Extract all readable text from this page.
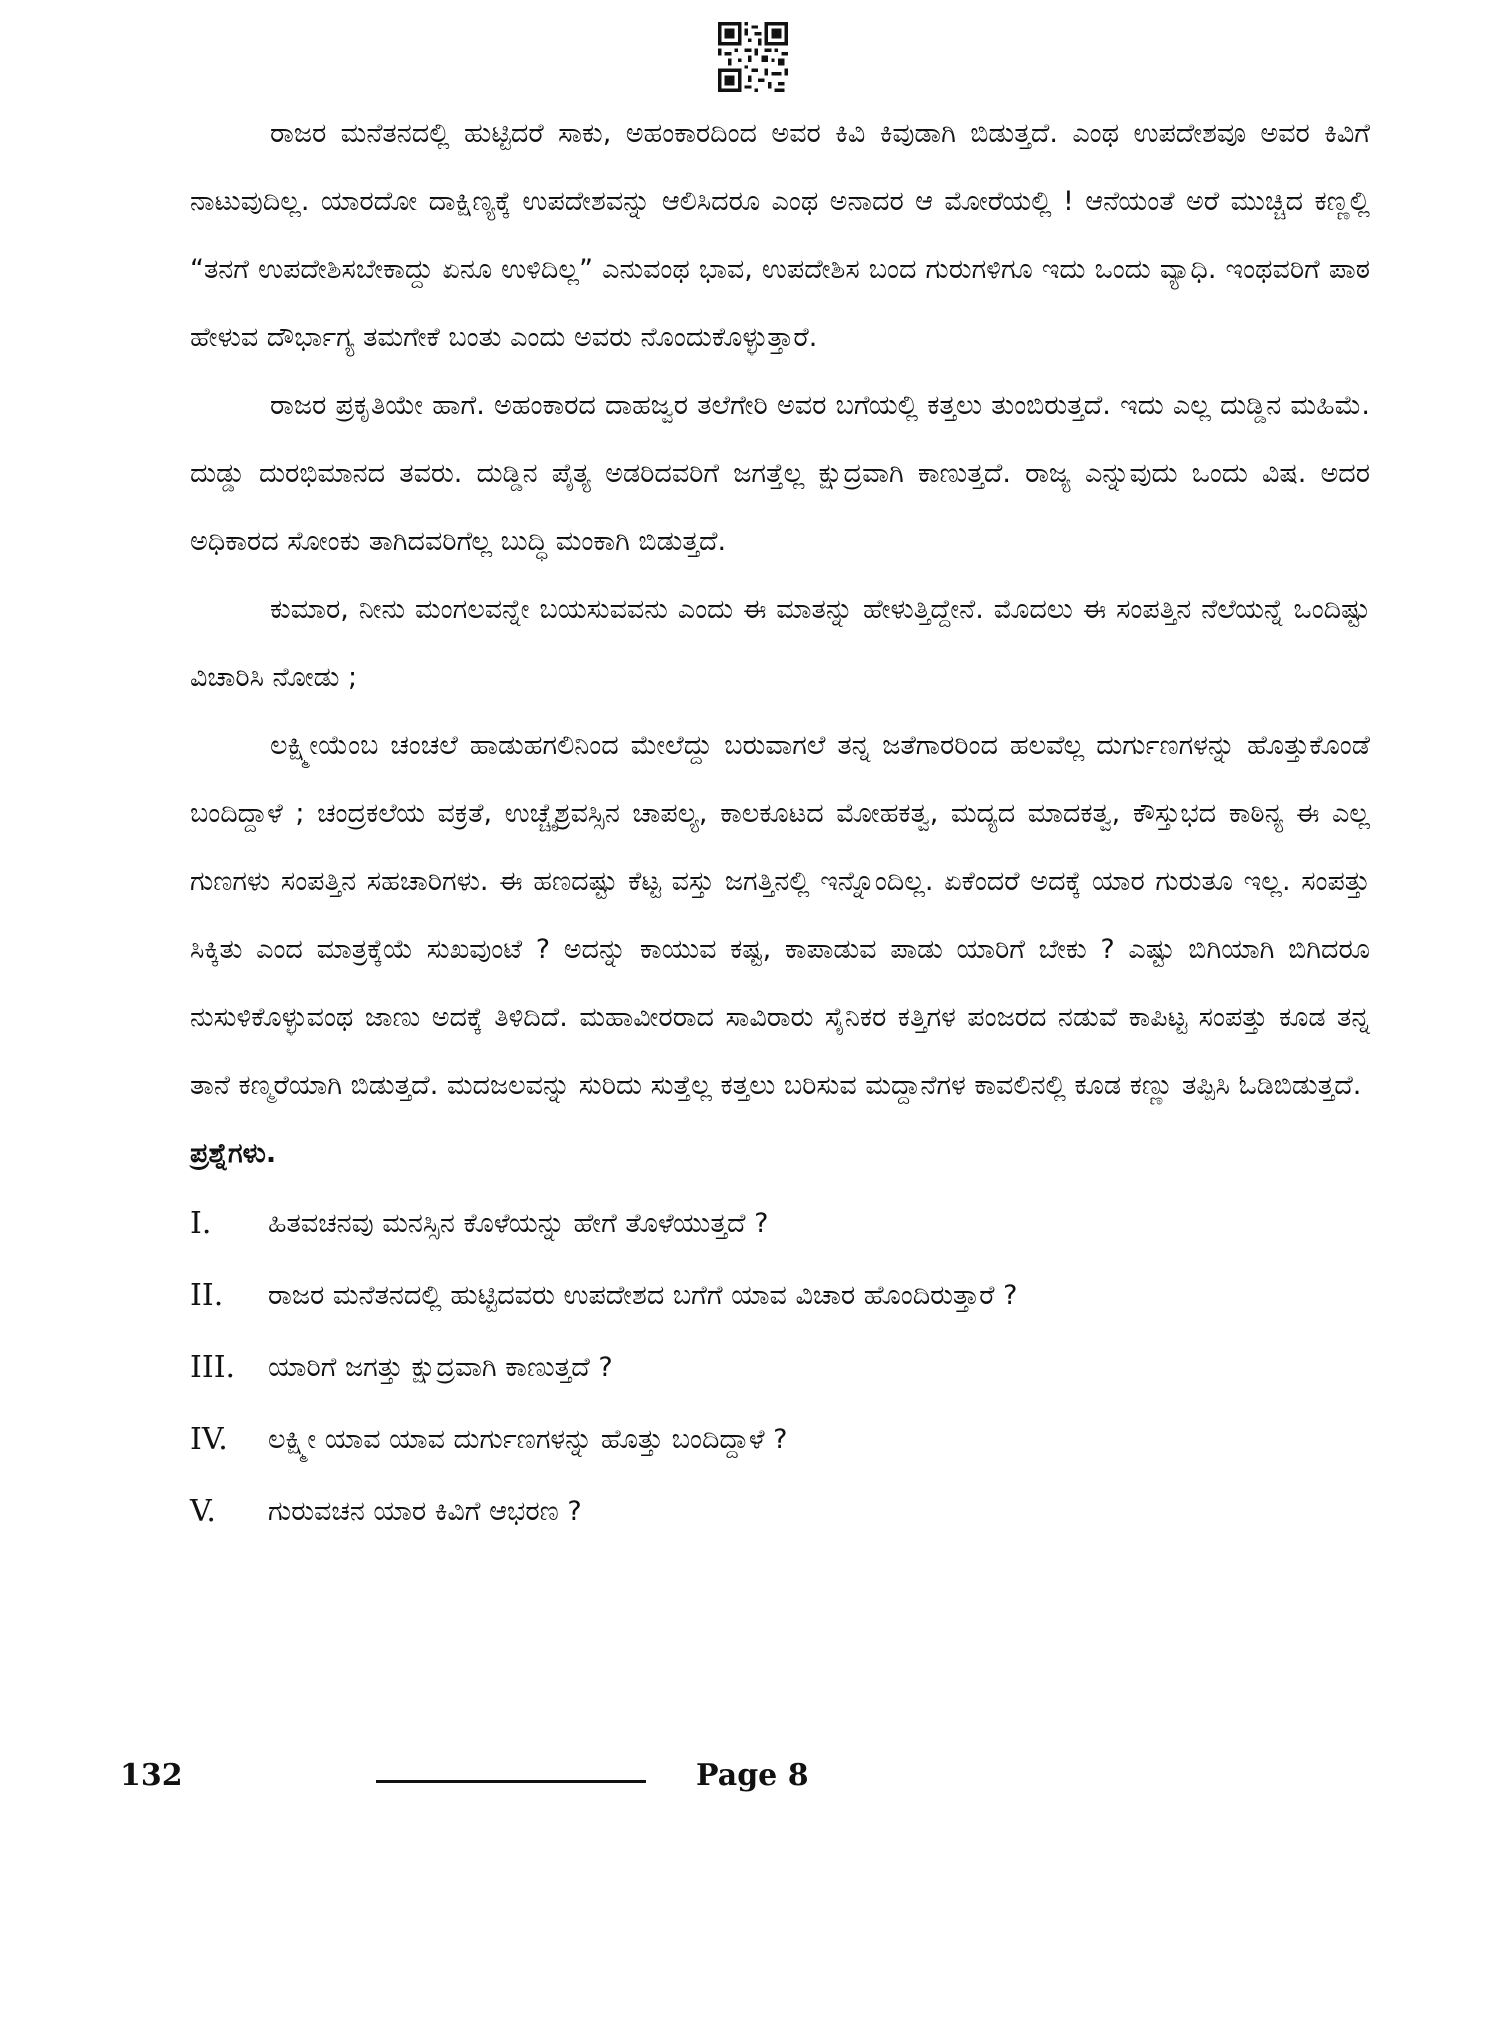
ರಾಜರ ಮನೆತನದಲ್ಲಿ ಹುಟ್ಟಿದರೆ ಸಾಕು, ಅಹಂಕಾರದಿಂದ ಅವರ ಕಿವಿ ಕಿವುಡಾಗಿ ಬಿಡುತ್ತದೆ. ಎಂಥ ಉಪದೇಶವೂ ಅವರ ಕಿವಿಗೆ ನಾಟುವುದಿಲ್ಲ. ಯಾರದೋ ದಾಕ್ಷಿಣ್ಯಕ್ಕೆ ಉಪದೇಶವನ್ನು ಆಲಿಸಿದರೂ ಎಂಥ ಅನಾದರ ಆ ಮೋರೆಯಲ್ಲಿ ! ಆನೆಯಂತೆ ಅರೆ ಮುಚ್ಚಿದ ಕಣ್ಣಲ್ಲಿ “ತನಗೆ ಉಪದೇಶಿಸಬೇಕಾದ್ದು ಏನೂ ಉಳಿದಿಲ್ಲ” ಎನುವಂಥ ಭಾವ, ಉಪದೇಶಿಸ ಬಂದ ಗುರುಗಳಿಗೂ ಇದು ಒಂದು ವ್ಯಾಧಿ. ಇಂಥವರಿಗೆ ಪಾಠ ಹೇಳುವ ದೌರ್ಭಾಗ್ಯ ತಮಗೇಕೆ ಬಂತು ಎಂದು ಅವರು ನೊಂದುಕೊಳ್ಳುತ್ತಾರೆ.

ರಾಜರ ಪ್ರಕೃತಿಯೇ ಹಾಗೆ. ಅಹಂಕಾರದ ದಾಹಜ್ವರ ತಲೆಗೇರಿ ಅವರ ಬಗೆಯಲ್ಲಿ ಕತ್ತಲು ತುಂಬಿರುತ್ತದೆ. ಇದು ಎಲ್ಲ ದುಡ್ಡಿನ ಮಹಿಮೆ. ದುಡ್ಡು ದುರಭಿಮಾನದ ತವರು. ದುಡ್ಡಿನ ಪೈತ್ಯ ಅಡರಿದವರಿಗೆ ಜಗತ್ತೆಲ್ಲ ಕ್ಷುದ್ರವಾಗಿ ಕಾಣುತ್ತದೆ. ರಾಜ್ಯ ಎನ್ನುವುದು ಒಂದು ವಿಷ. ಅದರ ಅಧಿಕಾರದ ಸೋಂಕು ತಾಗಿದವರಿಗೆಲ್ಲ ಬುದ್ಧಿ ಮಂಕಾಗಿ ಬಿಡುತ್ತದೆ.

ಕುಮಾರ, ನೀನು ಮಂಗಲವನ್ನೇ ಬಯಸುವವನು ಎಂದು ಈ ಮಾತನ್ನು ಹೇಳುತ್ತಿದ್ದೇನೆ. ಮೊದಲು ಈ ಸಂಪತ್ತಿನ ನೆಲೆಯನ್ನೆ ಒಂದಿಷ್ಟು ವಿಚಾರಿಸಿ ನೋಡು ;

ಲಕ್ಷ್ಮೀಯೆಂಬ ಚಂಚಲೆ ಹಾಡುಹಗಲಿನಿಂದ ಮೇಲೆದ್ದು ಬರುವಾಗಲೆ ತನ್ನ ಜತೆಗಾರರಿಂದ ಹಲವೆಲ್ಲ ದುರ್ಗುಣಗಳನ್ನು ಹೊತ್ತುಕೊಂಡೆ ಬಂದಿದ್ದಾಳೆ ; ಚಂದ್ರಕಲೆಯ ವಕ್ರತೆ, ಉಚ್ಚೈಶ್ರವಸ್ಸಿನ ಚಾಪಲ್ಯ, ಕಾಲಕೂಟದ ಮೋಹಕತ್ವ, ಮದ್ಯದ ಮಾದಕತ್ವ, ಕೌಸ್ತುಭದ ಕಾಠಿನ್ಯ ಈ ಎಲ್ಲ ಗುಣಗಳು ಸಂಪತ್ತಿನ ಸಹಚಾರಿಗಳು. ಈ ಹಣದಷ್ಟು ಕೆಟ್ಟ ವಸ್ತು ಜಗತ್ತಿನಲ್ಲಿ ಇನ್ನೊಂದಿಲ್ಲ. ಏಕೆಂದರೆ ಅದಕ್ಕೆ ಯಾರ ಗುರುತೂ ಇಲ್ಲ. ಸಂಪತ್ತು ಸಿಕ್ಕಿತು ಎಂದ ಮಾತ್ರಕ್ಕೆಯೆ ಸುಖವುಂಟೆ ? ಅದನ್ನು ಕಾಯುವ ಕಷ್ಟ, ಕಾಪಾಡುವ ಪಾಡು ಯಾರಿಗೆ ಬೇಕು ? ಎಷ್ಟು ಬಿಗಿಯಾಗಿ ಬಿಗಿದರೂ ನುಸುಳಿಕೊಳ್ಳುವಂಥ ಜಾಣು ಅದಕ್ಕೆ ತಿಳಿದಿದೆ. ಮಹಾವೀರರಾದ ಸಾವಿರಾರು ಸೈನಿಕರ ಕತ್ತಿಗಳ ಪಂಜರದ ನಡುವೆ ಕಾಪಿಟ್ಟ ಸಂಪತ್ತು ಕೂಡ ತನ್ನ ತಾನೆ ಕಣ್ಮರೆಯಾಗಿ ಬಿಡುತ್ತದೆ. ಮದಜಲವನ್ನು ಸುರಿದು ಸುತ್ತೆಲ್ಲ ಕತ್ತಲು ಬರಿಸುವ ಮದ್ದಾನೆಗಳ ಕಾವಲಿನಲ್ಲಿ ಕೂಡ ಕಣ್ಣು ತಪ್ಪಿಸಿ ಓಡಿಬಿಡುತ್ತದೆ.

ಪ್ರಶ್ನೆಗಳು.

I.	ಹಿತವಚನವು ಮನಸ್ಸಿನ ಕೊಳೆಯನ್ನು ಹೇಗೆ ತೊಳೆಯುತ್ತದೆ ?
II.	ರಾಜರ ಮನೆತನದಲ್ಲಿ ಹುಟ್ಟಿದವರು ಉಪದೇಶದ ಬಗೆಗೆ ಯಾವ ವಿಚಾರ ಹೊಂದಿರುತ್ತಾರೆ ?
III.	ಯಾರಿಗೆ ಜಗತ್ತು ಕ್ಷುದ್ರವಾಗಿ ಕಾಣುತ್ತದೆ ?
IV.	ಲಕ್ಷ್ಮೀ ಯಾವ ಯಾವ ದುರ್ಗುಣಗಳನ್ನು ಹೊತ್ತು ಬಂದಿದ್ದಾಳೆ ?
V.	ಗುರುವಚನ ಯಾರ ಕಿವಿಗೆ ಆಭರಣ ?
132	Page 8
